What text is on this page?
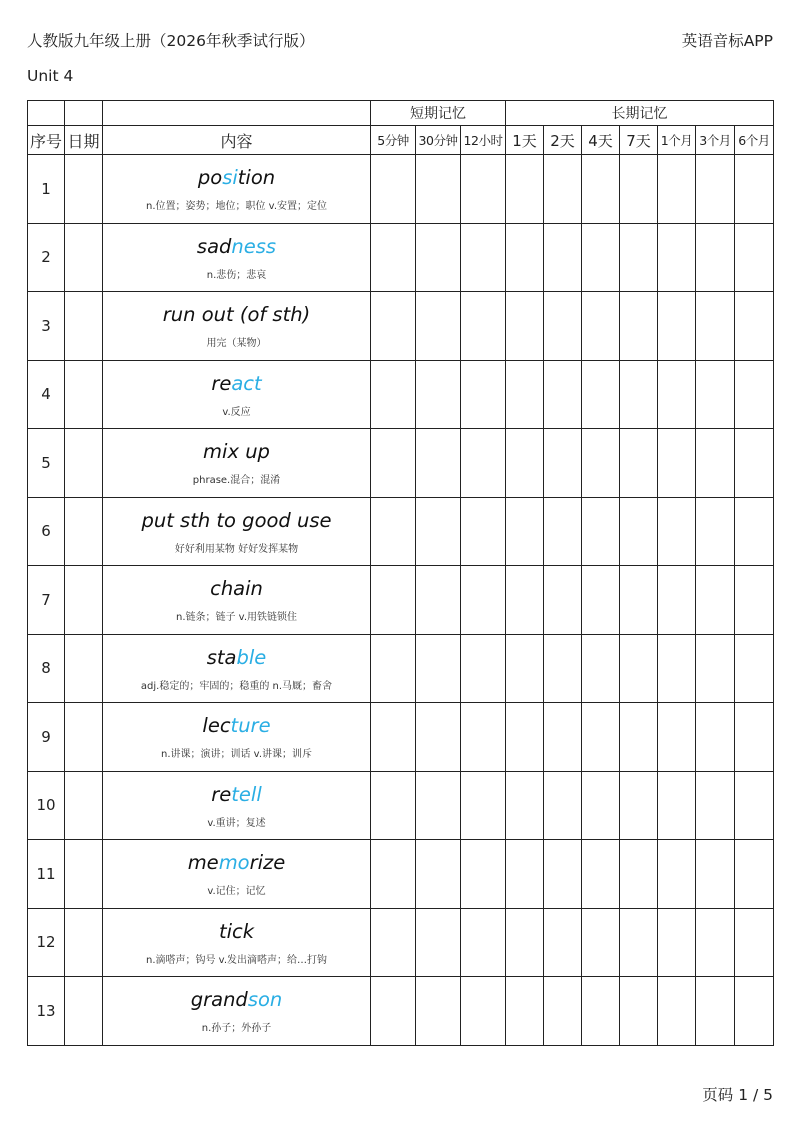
人教版九年级上册（2026年秋季试行版）	英语音标APP
Unit 4
			短期记忆			长期记忆						
序号	日期	内容	5分钟	30分钟	12小时	1天	2天	4天	7天	1个月	3个月	6个月
1		position
n.位置；姿势；地位；职位 v.安置；定位										

2		sadness
n.悲伤；悲哀										

3		run out (of sth)
用完（某物）										

4		react
v.反应										

5		mix up
phrase.混合；混淆										

6		put sth to good use
好好利用某物 好好发挥某物										

7		chain
n.链条；链子 v.用铁链锁住										

8		stable
adj.稳定的；牢固的；稳重的 n.马厩；畜舍										

9		lecture
n.讲课；演讲；训话 v.讲课；训斥										

10		retell
v.重讲；复述										

11		memorize
v.记住；记忆										

12		tick
n.滴嗒声；钩号 v.发出滴嗒声；给…打钩										

13		grandson
n.孙子；外孙子										

页码 1 / 5
